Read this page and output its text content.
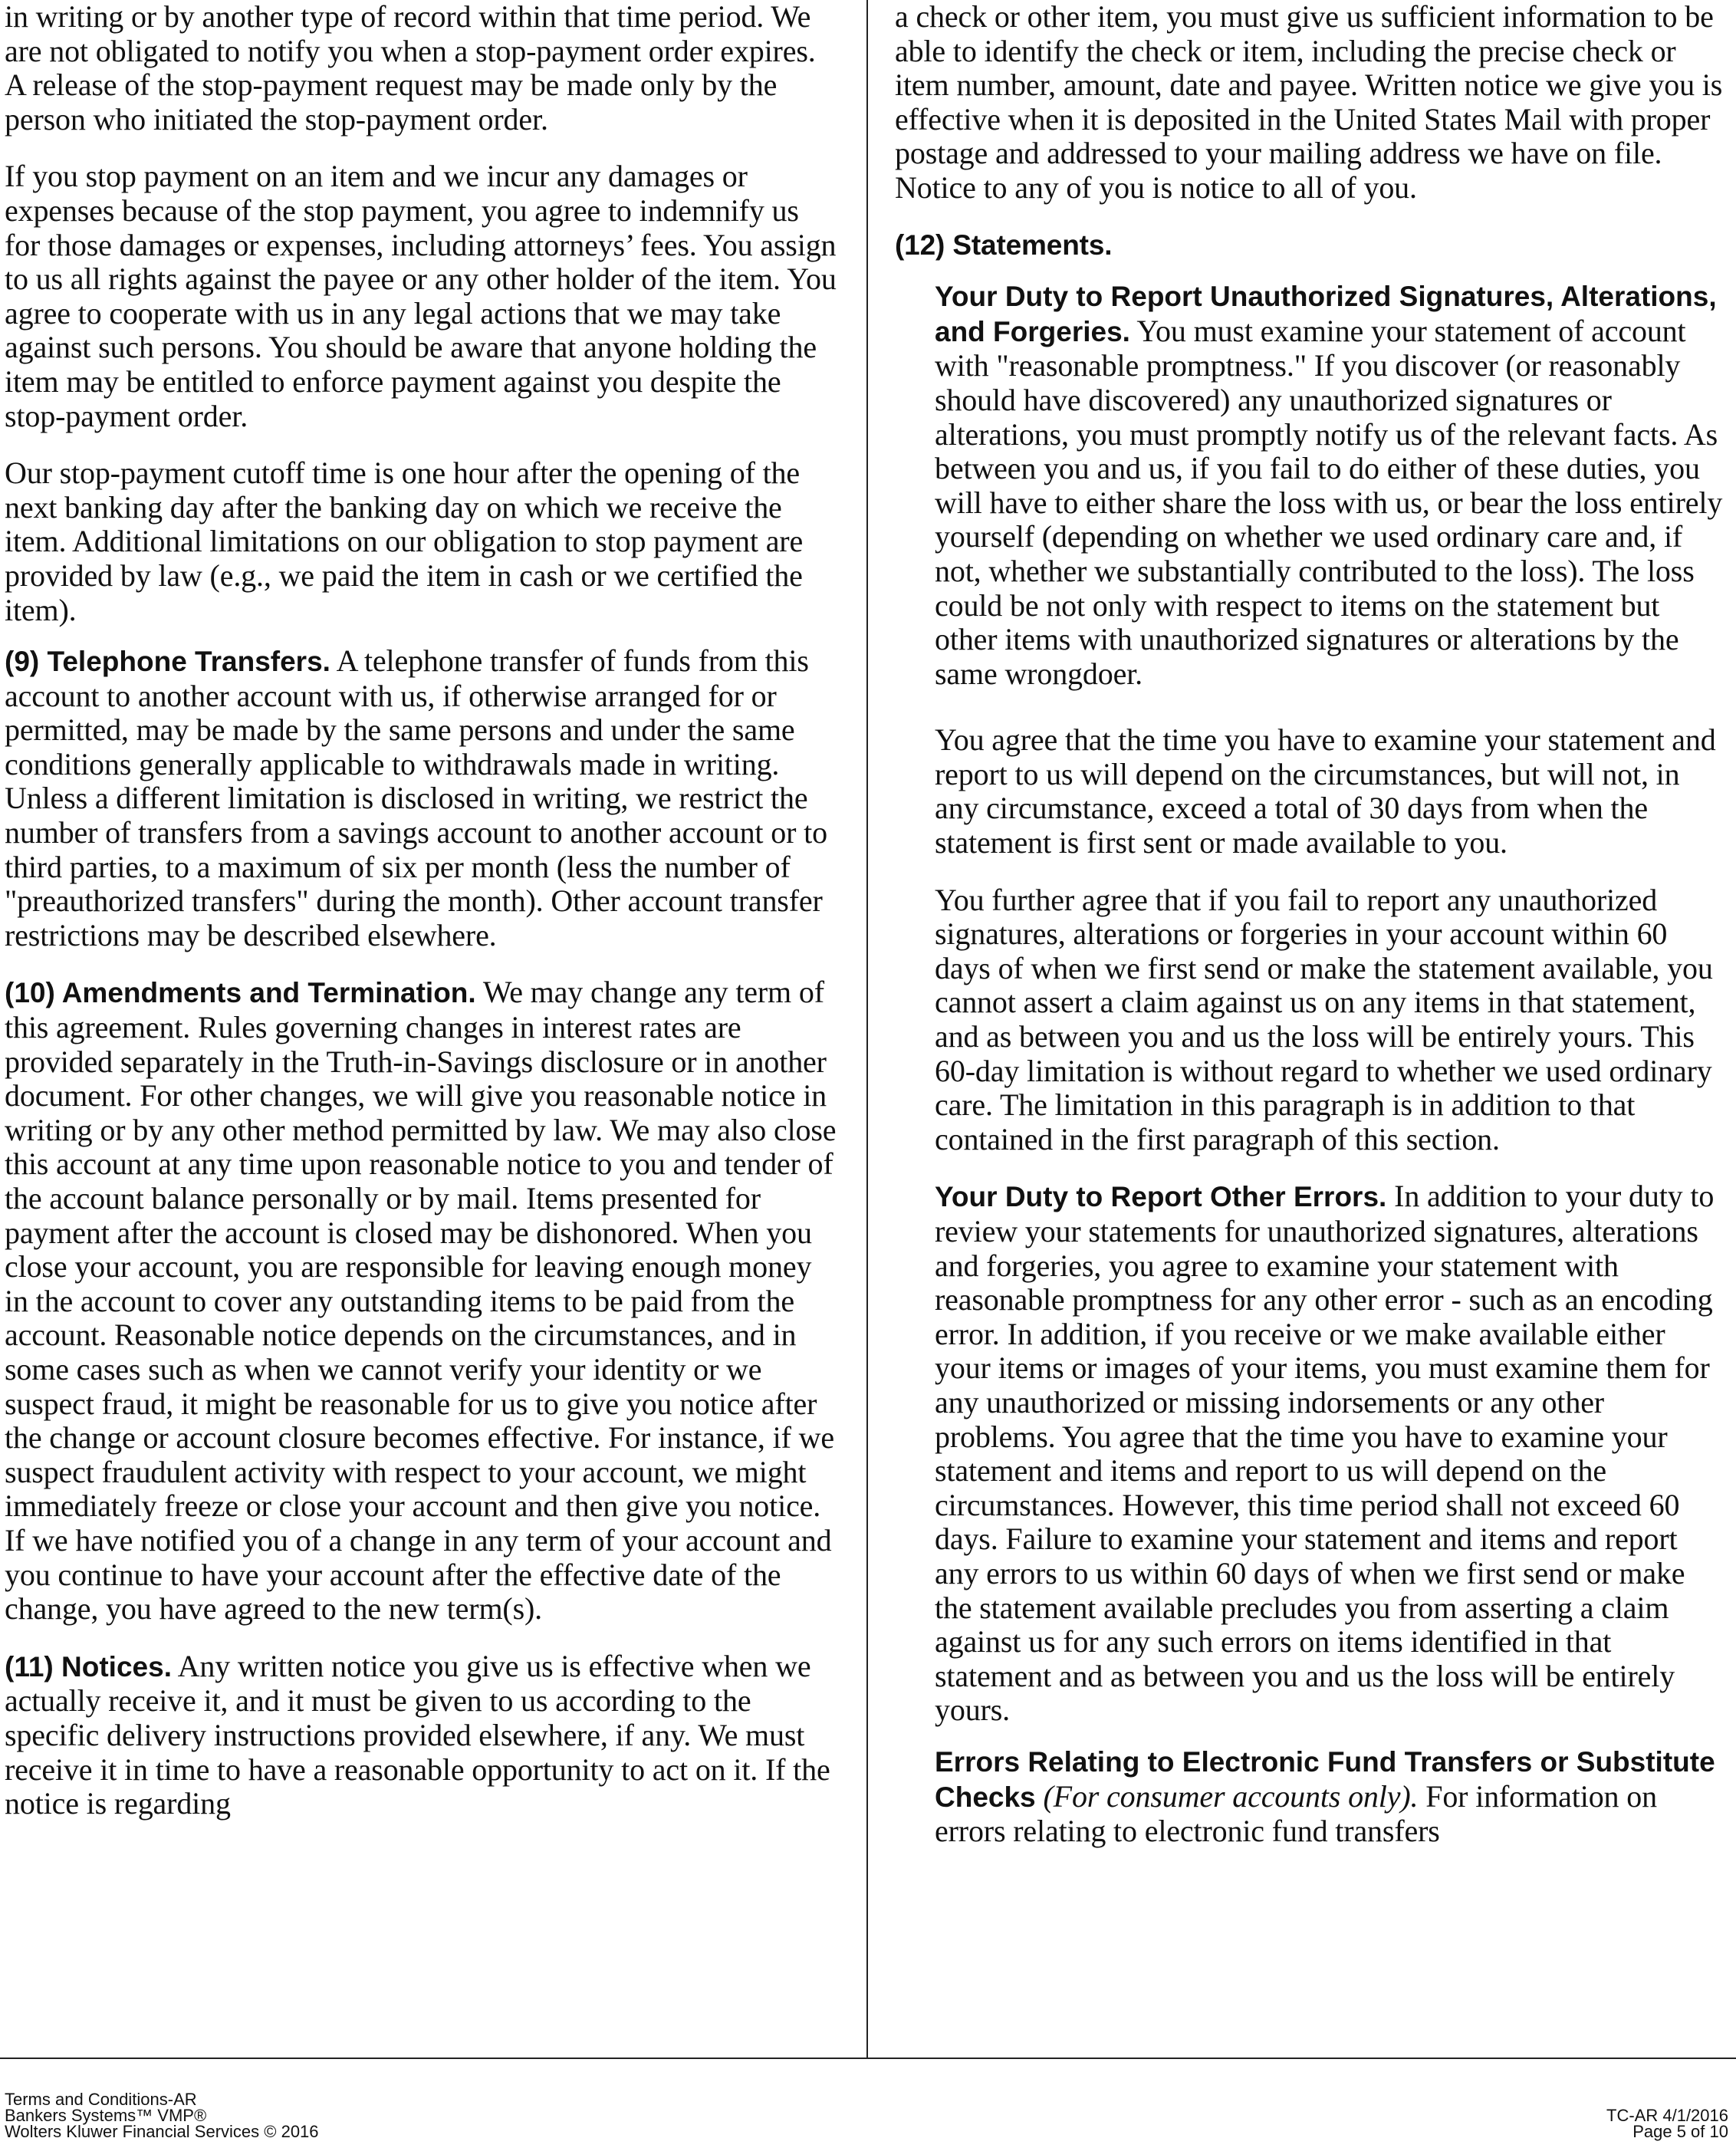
in writing or by another type of record within that time period. We are not obligated to notify you when a stop-payment order expires. A release of the stop-payment request may be made only by the person who initiated the stop-payment order.

If you stop payment on an item and we incur any damages or expenses because of the stop payment, you agree to indemnify us for those damages or expenses, including attorneys’ fees. You assign to us all rights against the payee or any other holder of the item. You agree to cooperate with us in any legal actions that we may take against such persons. You should be aware that anyone holding the item may be entitled to enforce payment against you despite the stop-payment order.

Our stop-payment cutoff time is one hour after the opening of the next banking day after the banking day on which we receive the item. Additional limitations on our obligation to stop payment are provided by law (e.g., we paid the item in cash or we certified the item).

(9) Telephone Transfers. A telephone transfer of funds from this account to another account with us, if otherwise arranged for or permitted, may be made by the same persons and under the same conditions generally applicable to withdrawals made in writing. Unless a different limitation is disclosed in writing, we restrict the number of transfers from a savings account to another account or to third parties, to a maximum of six per month (less the number of "preauthorized transfers" during the month). Other account transfer restrictions may be described elsewhere.

(10) Amendments and Termination. We may change any term of this agreement. Rules governing changes in interest rates are provided separately in the Truth-in-Savings disclosure or in another document. For other changes, we will give you reasonable notice in writing or by any other method permitted by law. We may also close this account at any time upon reasonable notice to you and tender of the account balance personally or by mail. Items presented for payment after the account is closed may be dishonored. When you close your account, you are responsible for leaving enough money in the account to cover any outstanding items to be paid from the account. Reasonable notice depends on the circumstances, and in some cases such as when we cannot verify your identity or we suspect fraud, it might be reasonable for us to give you notice after the change or account closure becomes effective. For instance, if we suspect fraudulent activity with respect to your account, we might immediately freeze or close your account and then give you notice. If we have notified you of a change in any term of your account and you continue to have your account after the effective date of the change, you have agreed to the new term(s).

(11) Notices. Any written notice you give us is effective when we actually receive it, and it must be given to us according to the specific delivery instructions provided elsewhere, if any. We must receive it in time to have a reasonable opportunity to act on it. If the notice is regarding

a check or other item, you must give us sufficient information to be able to identify the check or item, including the precise check or item number, amount, date and payee. Written notice we give you is effective when it is deposited in the United States Mail with proper postage and addressed to your mailing address we have on file. Notice to any of you is notice to all of you.

(12) Statements.

Your Duty to Report Unauthorized Signatures, Alterations, and Forgeries. You must examine your statement of account with "reasonable promptness." If you discover (or reasonably should have discovered) any unauthorized signatures or alterations, you must promptly notify us of the relevant facts. As between you and us, if you fail to do either of these duties, you will have to either share the loss with us, or bear the loss entirely yourself (depending on whether we used ordinary care and, if not, whether we substantially contributed to the loss). The loss could be not only with respect to items on the statement but other items with unauthorized signatures or alterations by the same wrongdoer.

You agree that the time you have to examine your statement and report to us will depend on the circumstances, but will not, in any circumstance, exceed a total of 30 days from when the statement is first sent or made available to you.

You further agree that if you fail to report any unauthorized signatures, alterations or forgeries in your account within 60 days of when we first send or make the statement available, you cannot assert a claim against us on any items in that statement, and as between you and us the loss will be entirely yours. This 60-day limitation is without regard to whether we used ordinary care. The limitation in this paragraph is in addition to that contained in the first paragraph of this section.

Your Duty to Report Other Errors. In addition to your duty to review your statements for unauthorized signatures, alterations and forgeries, you agree to examine your statement with reasonable promptness for any other error - such as an encoding error. In addition, if you receive or we make available either your items or images of your items, you must examine them for any unauthorized or missing indorsements or any other problems. You agree that the time you have to examine your statement and items and report to us will depend on the circumstances. However, this time period shall not exceed 60 days. Failure to examine your statement and items and report any errors to us within 60 days of when we first send or make the statement available precludes you from asserting a claim against us for any such errors on items identified in that statement and as between you and us the loss will be entirely yours.

Errors Relating to Electronic Fund Transfers or Substitute Checks (For consumer accounts only). For information on errors relating to electronic fund transfers

Terms and Conditions-AR
Bankers Systems™ VMP®
Wolters Kluwer Financial Services © 2016
TC-AR 4/1/2016
Page 5 of 10
